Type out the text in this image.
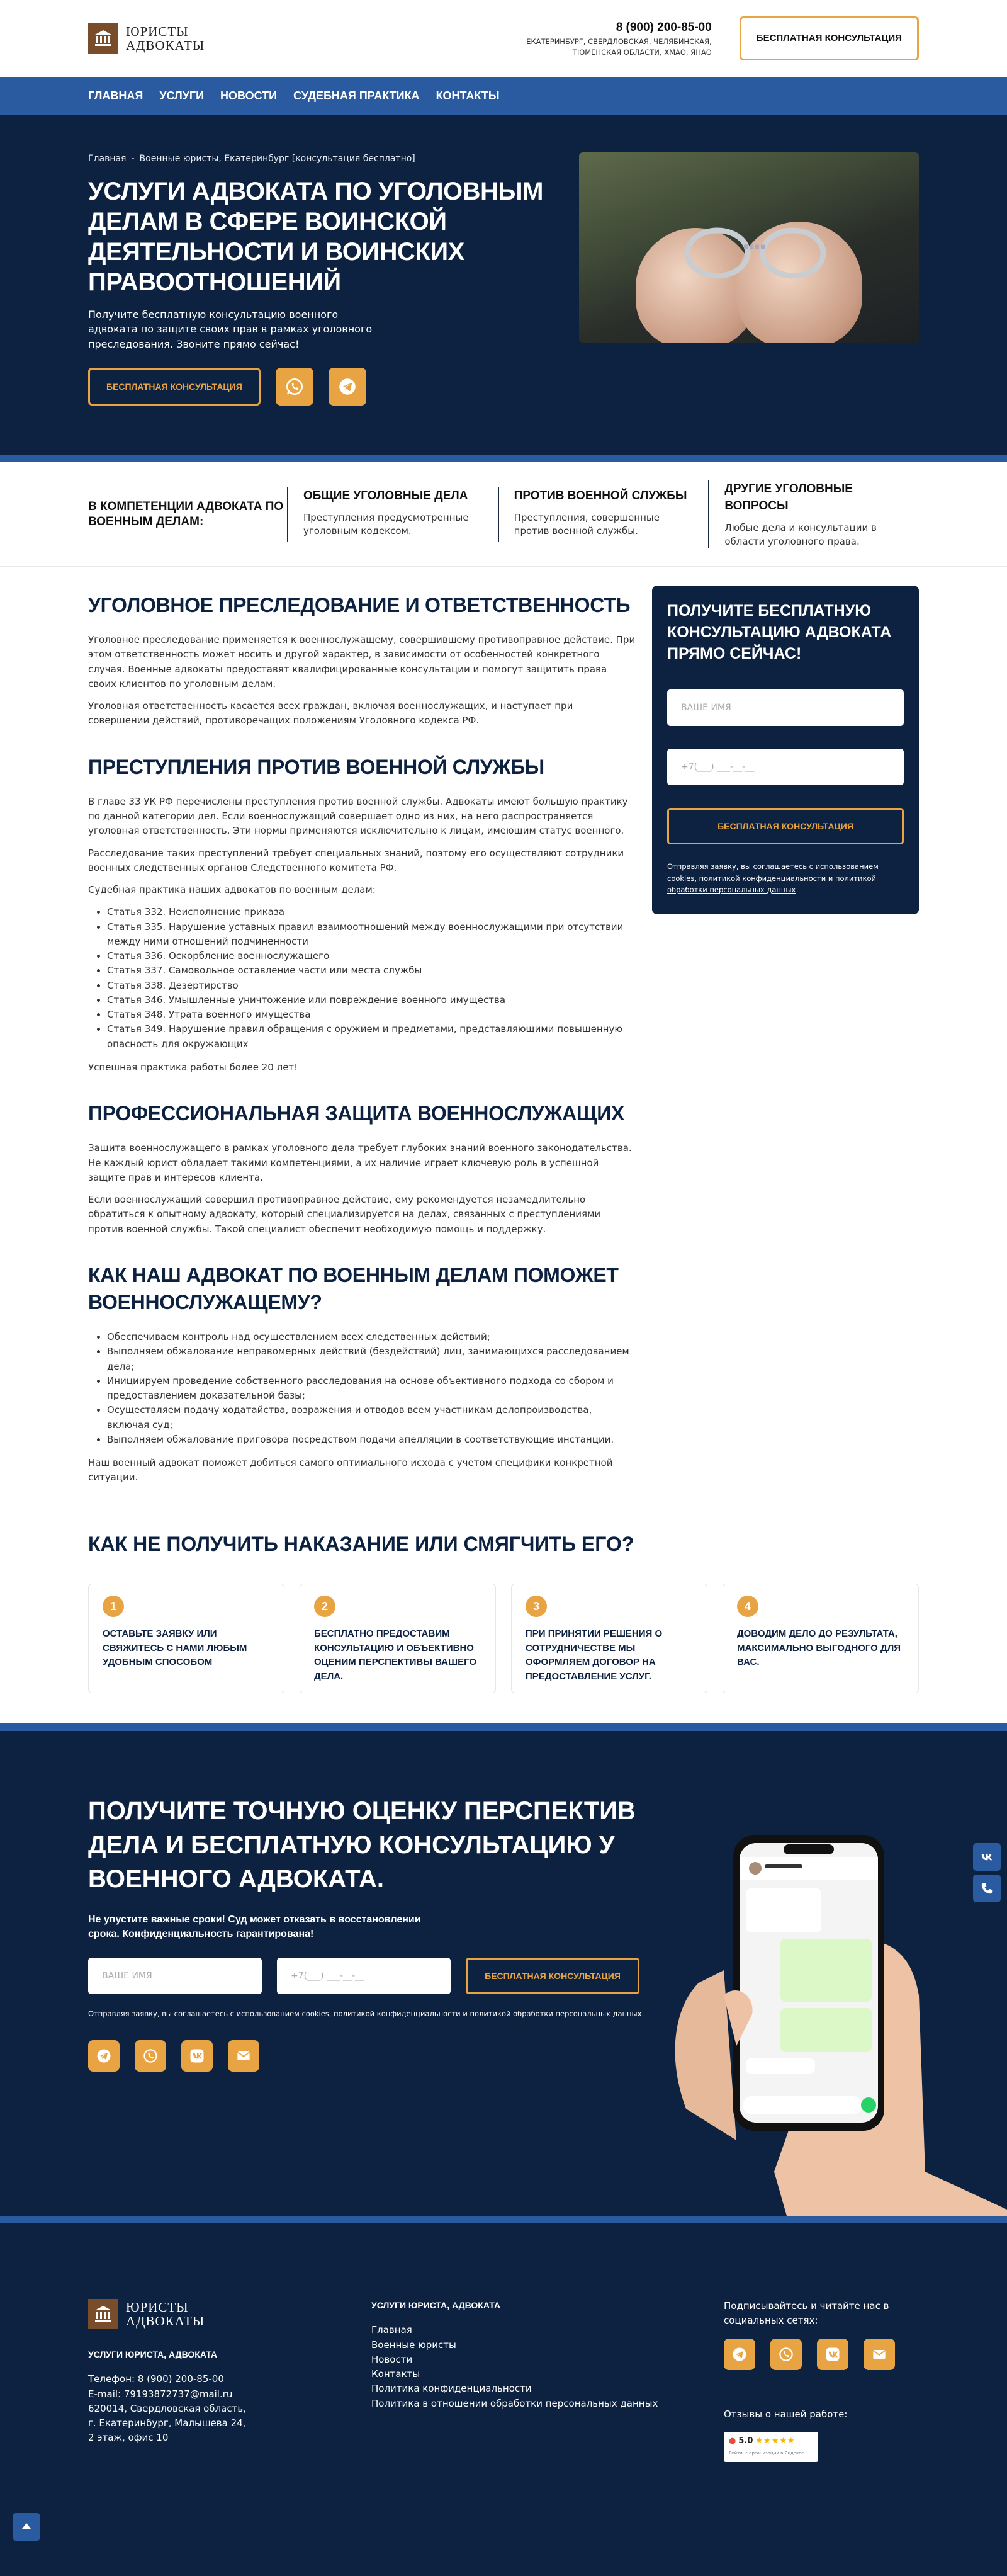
ЮРИСТЫ
АДВОКАТЫ
8 (900) 200-85-00
ЕКАТЕРИНБУРГ, СВЕРДЛОВСКАЯ, ЧЕЛЯБИНСКАЯ,
ТЮМЕНСКАЯ ОБЛАСТИ, ХМАО, ЯНАО
БЕСПЛАТНАЯ КОНСУЛЬТАЦИЯ
ГЛАВНАЯ УСЛУГИ НОВОСТИ СУДЕБНАЯ ПРАКТИКА КОНТАКТЫ
Главная - Военные юристы, Екатеринбург [консультация бесплатно]
УСЛУГИ АДВОКАТА ПО УГОЛОВНЫМ ДЕЛАМ В СФЕРЕ ВОИНСКОЙ ДЕЯТЕЛЬНОСТИ И ВОИНСКИХ ПРАВООТНОШЕНИЙ

Получите бесплатную консультацию военного адвоката по защите своих прав в рамках уголовного преследования. Звоните прямо сейчас!

БЕСПЛАТНАЯ КОНСУЛЬТАЦИЯ
В КОМПЕТЕНЦИИ АДВОКАТА ПО ВОЕННЫМ ДЕЛАМ:
ОБЩИЕ УГОЛОВНЫЕ ДЕЛА

Преступления предусмотренные уголовным кодексом.

ПРОТИВ ВОЕННОЙ СЛУЖБЫ

Преступления, совершенные против военной службы.

ДРУГИЕ УГОЛОВНЫЕ ВОПРОСЫ

Любые дела и консультации в области уголовного права.

УГОЛОВНОЕ ПРЕСЛЕДОВАНИЕ И ОТВЕТСТВЕННОСТЬ

Уголовное преследование применяется к военнослужащему, совершившему противоправное действие. При этом ответственность может носить и другой характер, в зависимости от особенностей конкретного случая. Военные адвокаты предоставят квалифицированные консультации и помогут защитить права своих клиентов по уголовным делам.

Уголовная ответственность касается всех граждан, включая военнослужащих, и наступает при совершении действий, противоречащих положениям Уголовного кодекса РФ.

ПРЕСТУПЛЕНИЯ ПРОТИВ ВОЕННОЙ СЛУЖБЫ

В главе 33 УК РФ перечислены преступления против военной службы. Адвокаты имеют большую практику по данной категории дел. Если военнослужащий совершает одно из них, на него распространяется уголовная ответственность. Эти нормы применяются исключительно к лицам, имеющим статус военного.

Расследование таких преступлений требует специальных знаний, поэтому его осуществляют сотрудники военных следственных органов Следственного комитета РФ.

Судебная практика наших адвокатов по военным делам:

• Статья 332. Неисполнение приказа
• Статья 335. Нарушение уставных правил взаимоотношений между военнослужащими при отсутствии между ними отношений подчиненности
• Статья 336. Оскорбление военнослужащего
• Статья 337. Самовольное оставление части или места службы
• Статья 338. Дезертирство
• Статья 346. Умышленные уничтожение или повреждение военного имущества
• Статья 348. Утрата военного имущества
• Статья 349. Нарушение правил обращения с оружием и предметами, представляющими повышенную опасность для окружающих

Успешная практика работы более 20 лет!

ПРОФЕССИОНАЛЬНАЯ ЗАЩИТА ВОЕННОСЛУЖАЩИХ

Защита военнослужащего в рамках уголовного дела требует глубоких знаний военного законодательства. Не каждый юрист обладает такими компетенциями, а их наличие играет ключевую роль в успешной защите прав и интересов клиента.

Если военнослужащий совершил противоправное действие, ему рекомендуется незамедлительно обратиться к опытному адвокату, который специализируется на делах, связанных с преступлениями против военной службы. Такой специалист обеспечит необходимую помощь и поддержку.

КАК НАШ АДВОКАТ ПО ВОЕННЫМ ДЕЛАМ ПОМОЖЕТ ВОЕННОСЛУЖАЩЕМУ?
• Обеспечиваем контроль над осуществлением всех следственных действий;
• Выполняем обжалование неправомерных действий (бездействий) лиц, занимающихся расследованием дела;
• Инициируем проведение собственного расследования на основе объективного подхода со сбором и предоставлением доказательной базы;
• Осуществляем подачу ходатайства, возражения и отводов всем участникам делопроизводства, включая суд;
• Выполняем обжалование приговора посредством подачи апелляции в соответствующие инстанции.

Наш военный адвокат поможет добиться самого оптимального исхода с учетом специфики конкретной ситуации.

ПОЛУЧИТЕ БЕСПЛАТНУЮ КОНСУЛЬТАЦИЮ АДВОКАТА ПРЯМО СЕЙЧАС!
ВАШЕ ИМЯ
+7(___) ___-__-__
БЕСПЛАТНАЯ КОНСУЛЬТАЦИЯ
Отправляя заявку, вы соглашаетесь с использованием cookies, политикой конфиденциальности и политикой обработки персональных данных
КАК НЕ ПОЛУЧИТЬ НАКАЗАНИЕ ИЛИ СМЯГЧИТЬ ЕГО?
1

ОСТАВЬТЕ ЗАЯВКУ ИЛИ СВЯЖИТЕСЬ С НАМИ ЛЮБЫМ УДОБНЫМ СПОСОБОМ

2

БЕСПЛАТНО ПРЕДОСТАВИМ КОНСУЛЬТАЦИЮ И ОБЪЕКТИВНО ОЦЕНИМ ПЕРСПЕКТИВЫ ВАШЕГО ДЕЛА.

3

ПРИ ПРИНЯТИИ РЕШЕНИЯ О СОТРУДНИЧЕСТВЕ МЫ ОФОРМЛЯЕМ ДОГОВОР НА ПРЕДОСТАВЛЕНИЕ УСЛУГ.

4

ДОВОДИМ ДЕЛО ДО РЕЗУЛЬТАТА, МАКСИМАЛЬНО ВЫГОДНОГО ДЛЯ ВАС.

ПОЛУЧИТЕ ТОЧНУЮ ОЦЕНКУ ПЕРСПЕКТИВ ДЕЛА И БЕСПЛАТНУЮ КОНСУЛЬТАЦИЮ У ВОЕННОГО АДВОКАТА.
Не упустите важные сроки! Суд может отказать в восстановлении срока. Конфиденциальность гарантирована!
ВАШЕ ИМЯ	+7(___) ___-__-__	БЕСПЛАТНАЯ КОНСУЛЬТАЦИЯ
Отправляя заявку, вы соглашаетесь с использованием cookies, политикой конфиденциальности и политикой обработки персональных данных
ЮРИСТЫ
АДВОКАТЫ
УСЛУГИ ЮРИСТА, АДВОКАТА
Телефон: 8 (900) 200-85-00
E-mail: 79193872737@mail.ru
620014, Свердловская область,
г. Екатеринбург, Малышева 24,
2 этаж, офис 10
УСЛУГИ ЮРИСТА, АДВОКАТА
Главная
Военные юристы
Новости
Контакты
Политика конфиденциальности
Политика в отношении обработки персональных данных
Подписывайтесь и читайте нас в социальных сетях:
Отзывы о нашей работе:
● 5.0 ★★★★★
Рейтинг организации в Яндексе
